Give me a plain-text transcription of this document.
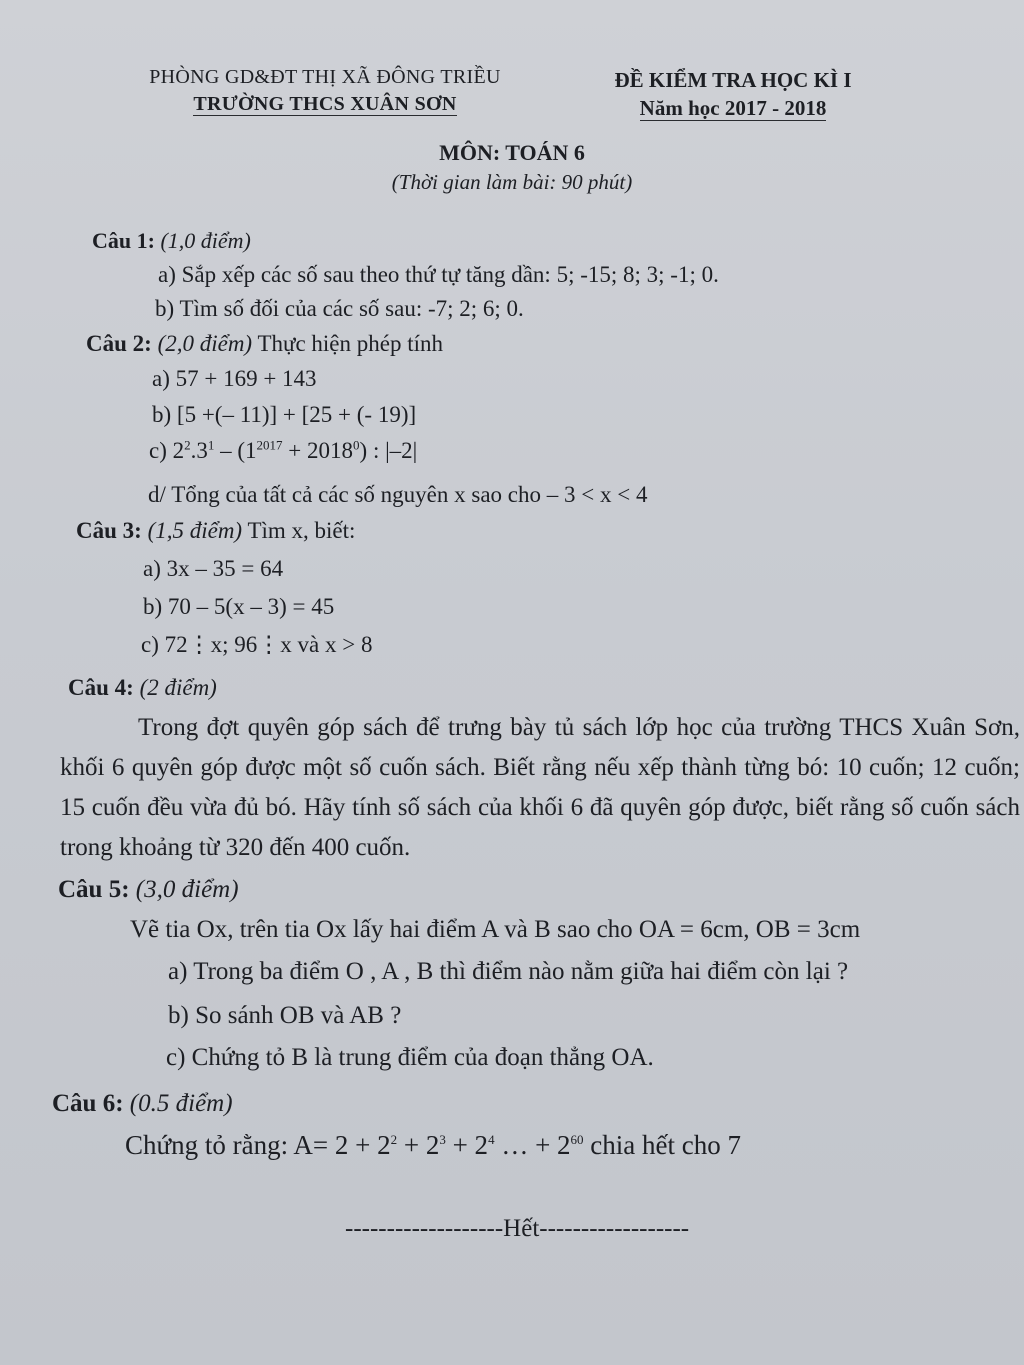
PHÒNG GD&ĐT THỊ XÃ ĐÔNG TRIỀU
TRƯỜNG THCS XUÂN SƠN
ĐỀ KIỂM TRA HỌC KÌ I
Năm học 2017 - 2018
MÔN: TOÁN 6
(Thời gian làm bài: 90 phút)
Câu 1: (1,0 điểm)
a) Sắp xếp các số sau theo thứ tự tăng dần: 5; -15; 8; 3; -1; 0.
b) Tìm số đối của các số sau: -7; 2; 6; 0.
Câu 2: (2,0 điểm) Thực hiện phép tính
a) 57 + 169 + 143
b) [5 +(– 11)] + [25 + (- 19)]
c) $2^2.3^1 - (1^{2017} + 2018^0)$ : |–2|
d/ Tổng của tất cả các số nguyên x sao cho – 3 < x < 4
Câu 3: (1,5 điểm) Tìm x, biết:
a) 3x – 35 = 64
b) 70 – 5(x – 3) = 45
c) 72⋮x; 96⋮x và x > 8
Câu 4: (2 điểm)
Trong đợt quyên góp sách để trưng bày tủ sách lớp học của trường THCS Xuân Sơn, khối 6 quyên góp được một số cuốn sách. Biết rằng nếu xếp thành từng bó: 10 cuốn; 12 cuốn; 15 cuốn đều vừa đủ bó. Hãy tính số sách của khối 6 đã quyên góp được, biết rằng số cuốn sách trong khoảng từ 320 đến 400 cuốn.
Câu 5: (3,0 điểm)
Vẽ tia Ox, trên tia Ox lấy hai điểm A và B sao cho OA = 6cm, OB = 3cm
a) Trong ba điểm O , A , B thì điểm nào nằm giữa hai điểm còn lại ?
b) So sánh OB và AB ?
c) Chứng tỏ B là trung điểm của đoạn thẳng OA.
Câu 6: (0.5 điểm)
Chứng tỏ rằng: $A= 2 + 2^2 + 2^3 + 2^4$ … + $2^{60}$ chia hết cho 7
-------------------Hết------------------
